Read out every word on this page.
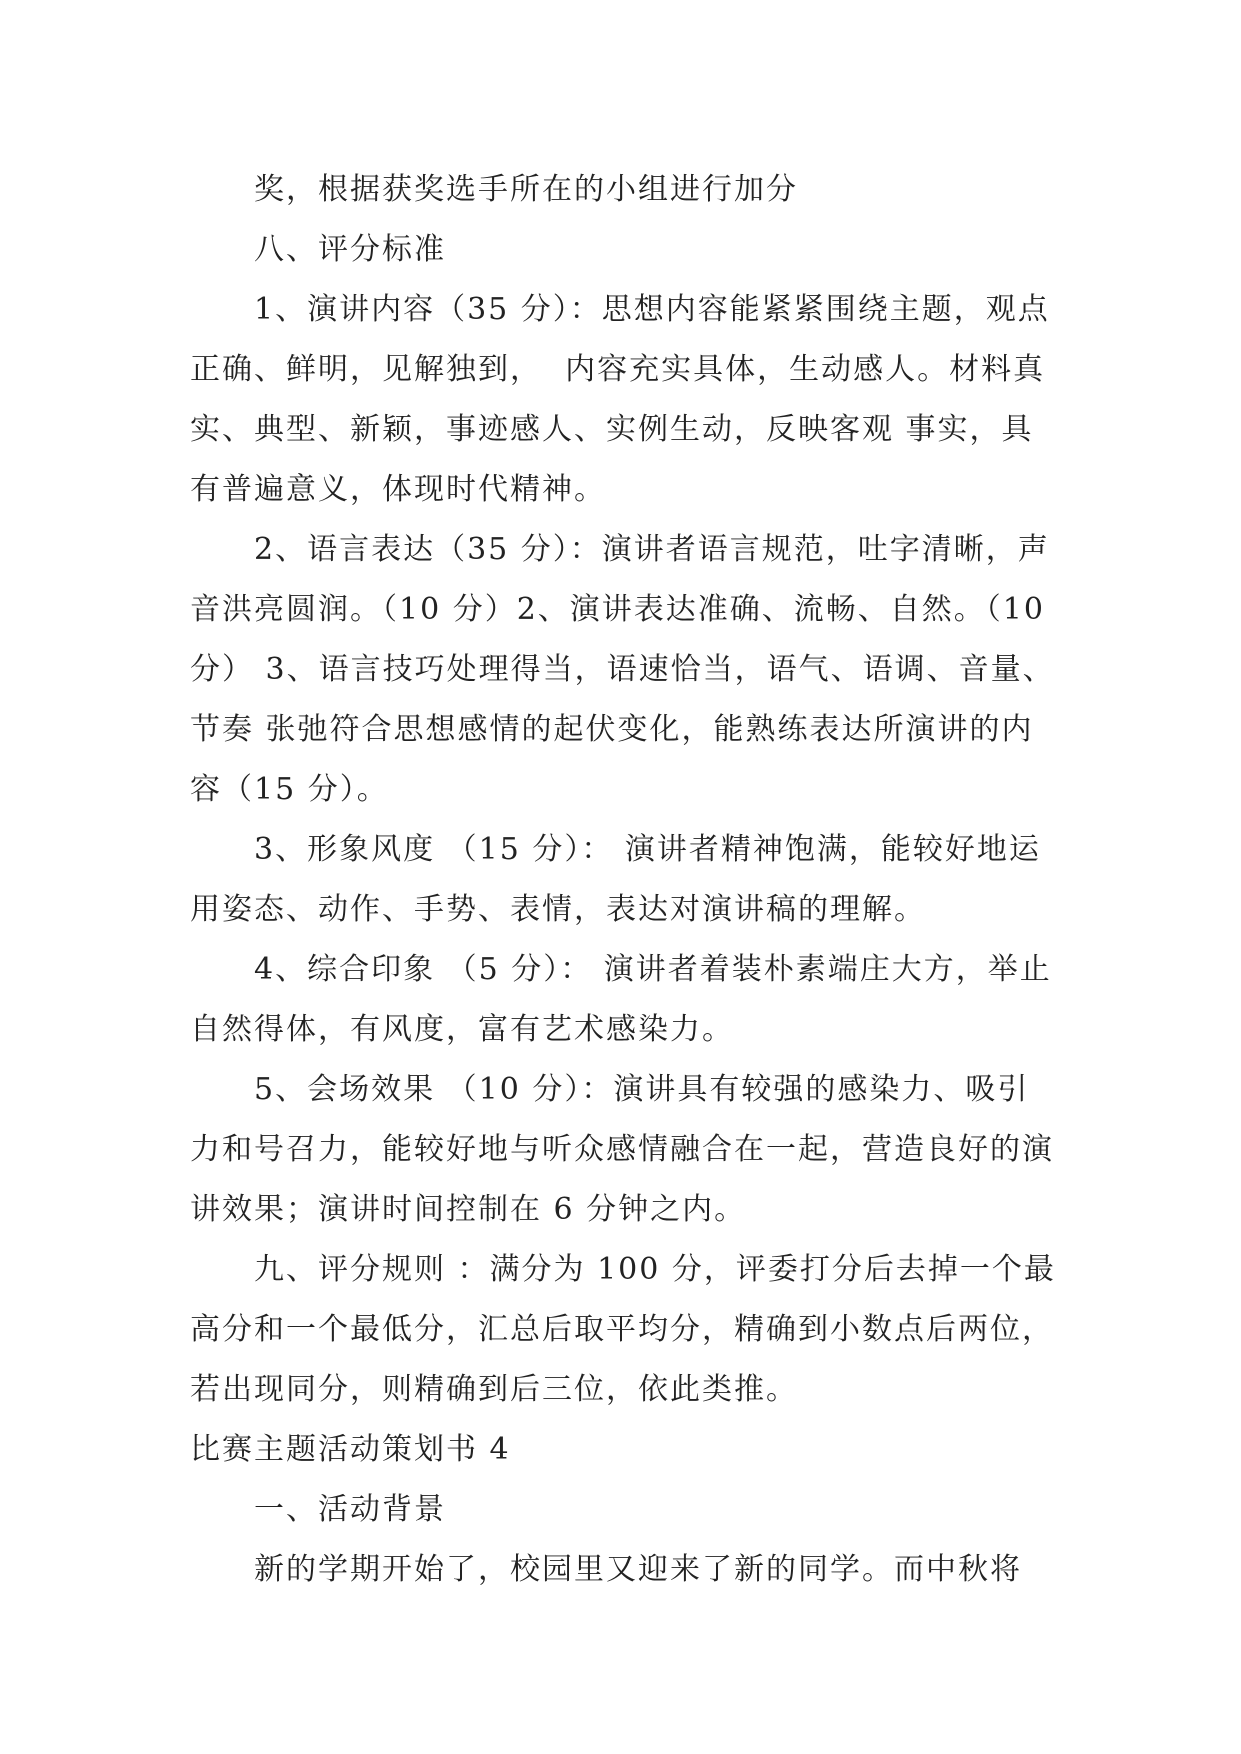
奖，根据获奖选手所在的小组进行加分

八、评分标准

1、演讲内容（35 分）：思想内容能紧紧围绕主题，观点正确、鲜明，见解独到，  内容充实具体，生动感人。材料真实、典型、新颖，事迹感人、实例生动，反映客观 事实，具有普遍意义，体现时代精神。

2、语言表达（35 分）：演讲者语言规范，吐字清晰，声音洪亮圆润。（10 分）2、演讲表达准确、流畅、自然。（10 分） 3、语言技巧处理得当，语速恰当，语气、语调、音量、节奏 张弛符合思想感情的起伏变化，能熟练表达所演讲的内容（15 分）。

3、形象风度 （15 分）： 演讲者精神饱满，能较好地运用姿态、动作、手势、表情，表达对演讲稿的理解。

4、综合印象 （5 分）： 演讲者着装朴素端庄大方，举止自然得体，有风度，富有艺术感染力。

5、会场效果 （10 分）：演讲具有较强的感染力、吸引力和号召力，能较好地与听众感情融合在一起，营造良好的演讲效果；演讲时间控制在 6 分钟之内。

九、评分规则 ：满分为 100 分，评委打分后去掉一个最高分和一个最低分，汇总后取平均分，精确到小数点后两位，若出现同分，则精确到后三位，依此类推。

比赛主题活动策划书 4

一、活动背景

新的学期开始了，校园里又迎来了新的同学。而中秋将
